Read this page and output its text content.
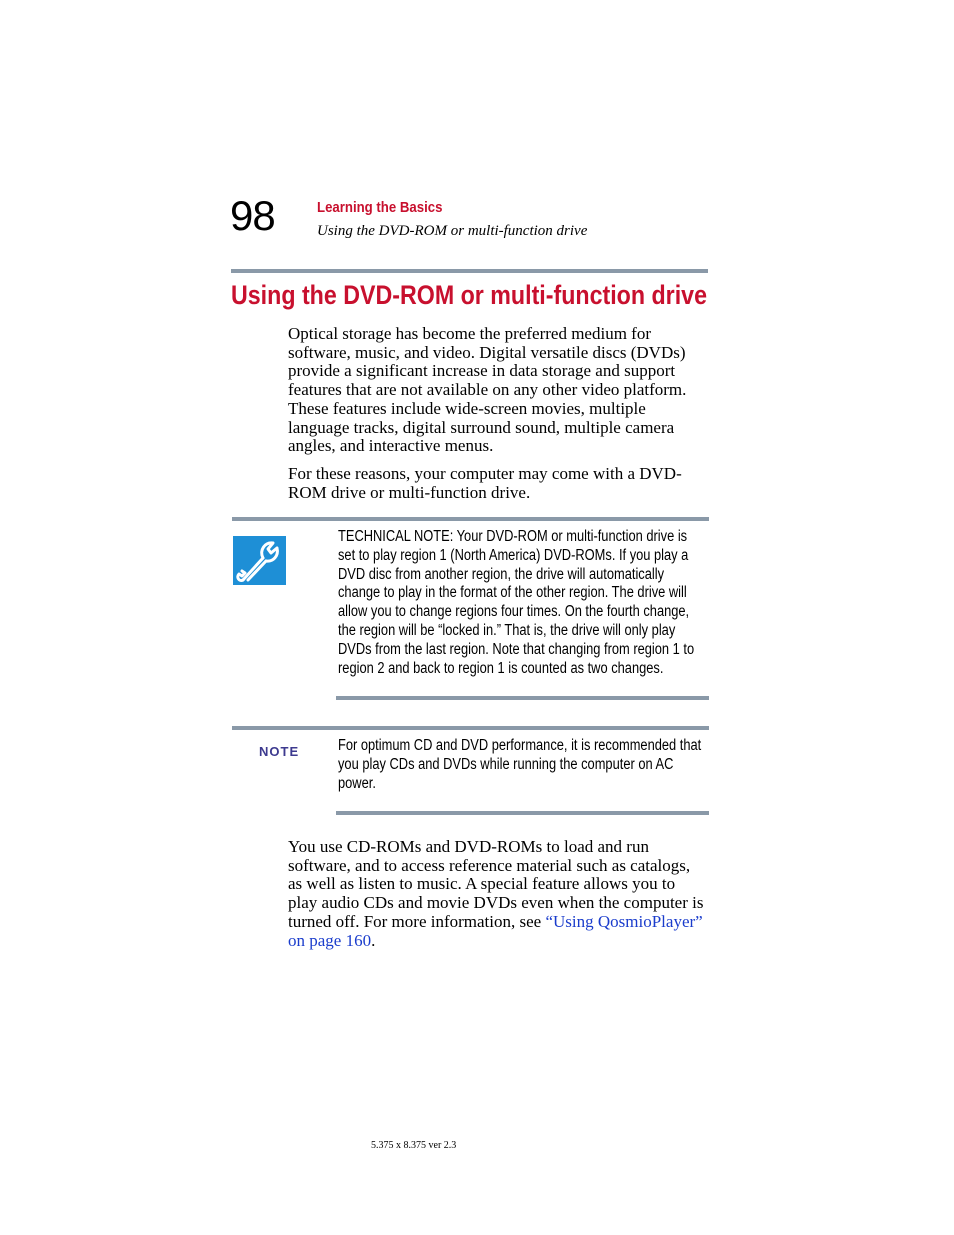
98	Learning the Basics
Using the DVD-ROM or multi-function drive
Using the DVD-ROM or multi-function drive
Optical storage has become the preferred medium for software, music, and video. Digital versatile discs (DVDs) provide a significant increase in data storage and support features that are not available on any other video platform. These features include wide-screen movies, multiple language tracks, digital surround sound, multiple camera angles, and interactive menus.
For these reasons, your computer may come with a DVD-ROM drive or multi-function drive.
TECHNICAL NOTE: Your DVD-ROM or multi-function drive is set to play region 1 (North America) DVD-ROMs. If you play a DVD disc from another region, the drive will automatically change to play in the format of the other region. The drive will allow you to change regions four times. On the fourth change, the region will be “locked in.” That is, the drive will only play DVDs from the last region. Note that changing from region 1 to region 2 and back to region 1 is counted as two changes.
NOTE	For optimum CD and DVD performance, it is recommended that you play CDs and DVDs while running the computer on AC power.
You use CD-ROMs and DVD-ROMs to load and run software, and to access reference material such as catalogs, as well as listen to music. A special feature allows you to play audio CDs and movie DVDs even when the computer is turned off. For more information, see “Using QosmioPlayer” on page 160.
5.375 x 8.375 ver 2.3
